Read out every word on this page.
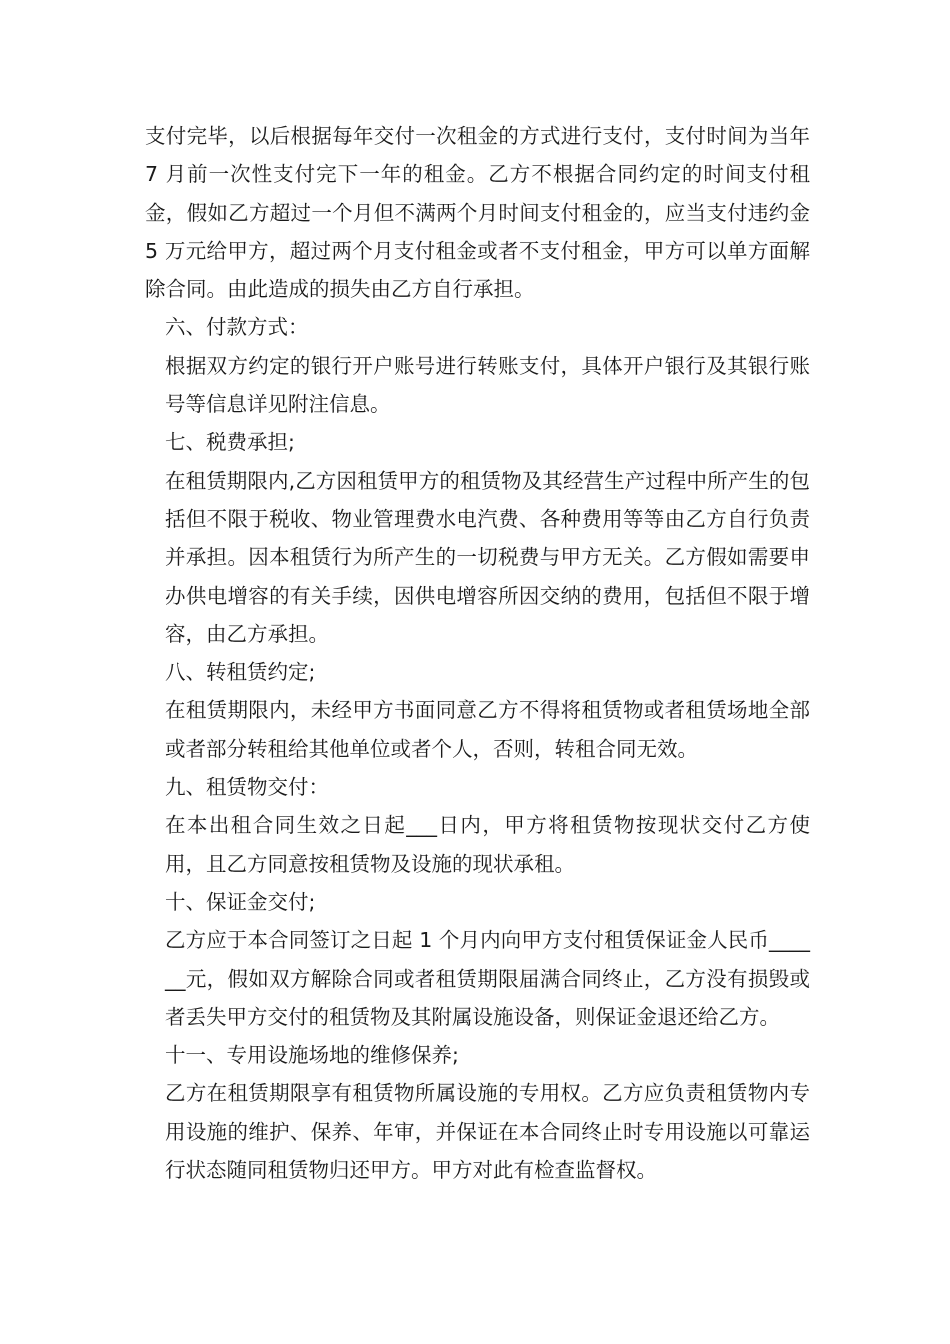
支付完毕，以后根据每年交付一次租金的方式进行支付，支付时间为当年 7 月前一次性支付完下一年的租金。乙方不根据合同约定的时间支付租金，假如乙方超过一个月但不满两个月时间支付租金的，应当支付违约金 5 万元给甲方，超过两个月支付租金或者不支付租金，甲方可以单方面解除合同。由此造成的损失由乙方自行承担。

六、付款方式：

根据双方约定的银行开户账号进行转账支付，具体开户银行及其银行账号等信息详见附注信息。

七、税费承担;

在租赁期限内,乙方因租赁甲方的租赁物及其经营生产过程中所产生的包括但不限于税收、物业管理费水电汽费、各种费用等等由乙方自行负责并承担。因本租赁行为所产生的一切税费与甲方无关。乙方假如需要申办供电增容的有关手续，因供电增容所因交纳的费用，包括但不限于增容，由乙方承担。

八、转租赁约定;

在租赁期限内，未经甲方书面同意乙方不得将租赁物或者租赁场地全部或者部分转租给其他单位或者个人，否则，转租合同无效。

九、租赁物交付：

在本出租合同生效之日起___日内，甲方将租赁物按现状交付乙方使用，且乙方同意按租赁物及设施的现状承租。

十、保证金交付;

乙方应于本合同签订之日起 1 个月内向甲方支付租赁保证金人民币______元，假如双方解除合同或者租赁期限届满合同终止，乙方没有损毁或者丢失甲方交付的租赁物及其附属设施设备，则保证金退还给乙方。

十一、专用设施场地的维修保养;

乙方在租赁期限享有租赁物所属设施的专用权。乙方应负责租赁物内专用设施的维护、保养、年审，并保证在本合同终止时专用设施以可靠运行状态随同租赁物归还甲方。甲方对此有检查监督权。
